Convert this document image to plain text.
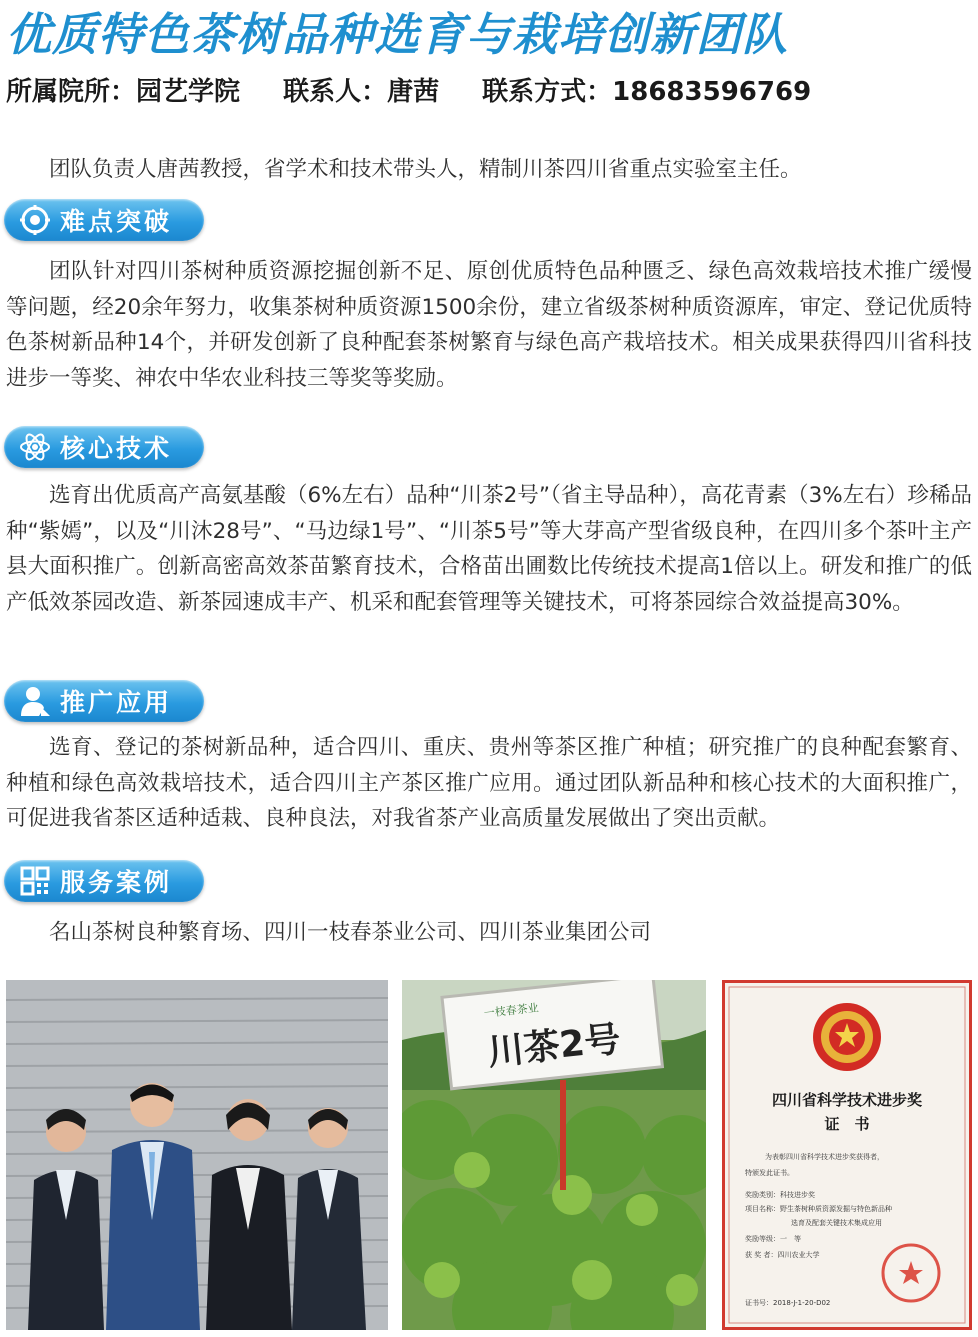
优质特色茶树品种选育与栽培创新团队
所属院所：园艺学院 联系人：唐茜 联系方式：18683596769

团队负责人唐茜教授，省学术和技术带头人，精制川茶四川省重点实验室主任。

难点突破

团队针对四川茶树种质资源挖掘创新不足、原创优质特色品种匮乏、绿色高效栽培技术推广缓慢等问题，经20余年努力，收集茶树种质资源1500余份，建立省级茶树种质资源库，审定、登记优质特色茶树新品种14个，并研发创新了良种配套茶树繁育与绿色高产栽培技术。相关成果获得四川省科技进步一等奖、神农中华农业科技三等奖等奖励。

核心技术

选育出优质高产高氨基酸（6%左右）品种“川茶2号”（省主导品种），高花青素（3%左右）珍稀品种“紫嫣”，以及“川沐28号”、“马边绿1号”、“川茶5号”等大芽高产型省级良种，在四川多个茶叶主产县大面积推广。创新高密高效茶苗繁育技术，合格苗出圃数比传统技术提高1倍以上。研发和推广的低产低效茶园改造、新茶园速成丰产、机采和配套管理等关键技术，可将茶园综合效益提高30%。

推广应用

选育、登记的茶树新品种，适合四川、重庆、贵州等茶区推广种植；研究推广的良种配套繁育、种植和绿色高效栽培技术，适合四川主产茶区推广应用。通过团队新品种和核心技术的大面积推广，可促进我省茶区适种适栽、良种良法，对我省茶产业高质量发展做出了突出贡献。

服务案例

名山茶树良种繁育场、四川一枝春茶业公司、四川茶业集团公司

一枝春茶业
川茶2号
四川省科学技术进步奖
证　书
为表彰四川省科学技术进步奖获得者，
特颁发此证书。
奖励类别：科技进步奖
项目名称：野生茶树种质资源发掘与特色新品种
选育及配套关键技术集成应用
奖励等级：一　等
获 奖 者：四川农业大学
证书号：2018-J-1-20-D02
